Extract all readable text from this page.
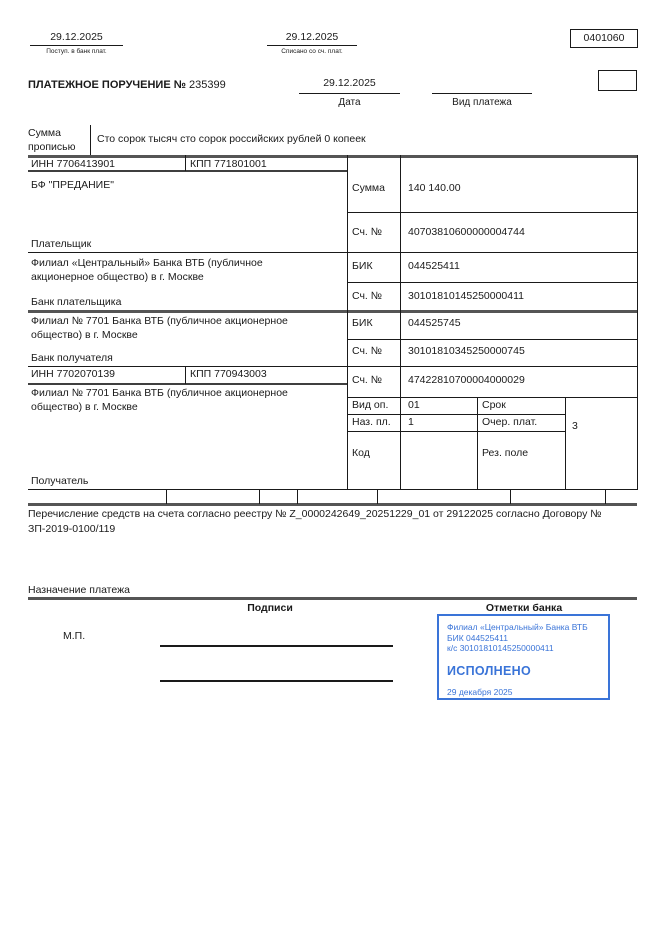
29.12.2025
Поступ. в банк плат.
29.12.2025
Списано со сч. плат.
0401060
ПЛАТЕЖНОЕ ПОРУЧЕНИЕ № 235399	29.12.2025
Дата	Вид платежа
Сумма прописью
Сто сорок тысяч сто сорок российских рублей 0 копеек
ИНН 7706413901	КПП 771801001
БФ "ПРЕДАНИЕ"
Плательщик
Филиал «Центральный» Банка ВТБ (публичное акционерное общество) в г. Москве
Банк плательщика
Филиал № 7701 Банка ВТБ (публичное акционерное общество) в г. Москве
Банк получателя
ИНН 7702070139	КПП 770943003
Филиал № 7701 Банка ВТБ (публичное акционерное общество) в г. Москве
Получатель
Сумма 140 140.00
Сч. № 40703810600000004744
БИК	044525411
Сч. № 30101810145250000411
БИК	044525745
Сч. № 30101810345250000745
Сч. № 47422810700004000029
Вид оп. 01	Срок
Наз. пл. 1	Очер. плат.	3
Код	Рез. поле
Перечисление средств на счета согласно реестру № Z_0000242649_20251229_01 от 29122025 согласно Договору № ЗП-2019-0100/119
Назначение платежа
Подписи	Отметки банка
М.П.
Филиал «Центральный» Банка ВТБ
БИК 044525411
к/с 30101810145250000411
ИСПОЛНЕНО
29 декабря 2025
